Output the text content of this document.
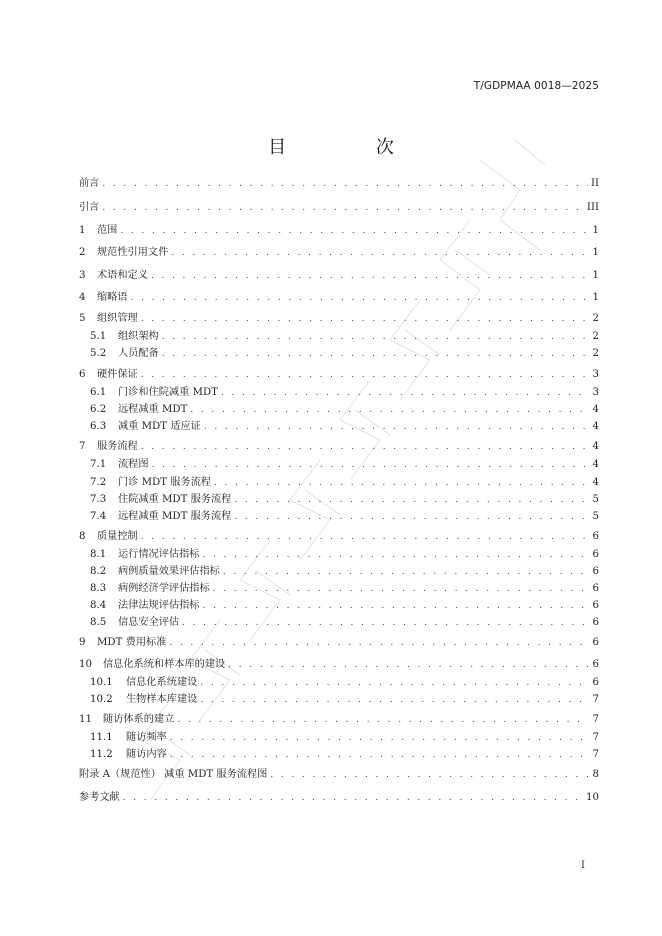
T/GDPMAA 0018—2025
目 次
前言 . . .	II
引言 . . .	III
1	范围 . . .	1
2	规范性引用文件 . . .	1
3	术语和定义 . . .	1
4	缩略语 . . .	1
5	组织管理 . . .	2
5.1	组织架构 . . .	2
5.2	人员配备 . . .	2
6	硬件保证 . . .	3
6.1	门诊和住院减重 MDT . . .	3
6.2	远程减重 MDT . . .	4
6.3	减重 MDT 适应证 . . .	4
7	服务流程 . . .	4
7.1	流程图 . . .	4
7.2	门诊 MDT 服务流程 . . .	4
7.3	住院减重 MDT 服务流程 . . .	5
7.4	远程减重 MDT 服务流程 . . .	5
8	质量控制 . . .	6
8.1	运行情况评估指标 . . .	6
8.2	病例质量效果评估指标 . . .	6
8.3	病例经济学评估指标 . . .	6
8.4	法律法规评估指标 . . .	6
8.5	信息安全评估 . . .	6
9	MDT 费用标准 . . .	6
10	信息化系统和样本库的建设 . . .	6
10.1	信息化系统建设 . . .	6
10.2	生物样本库建设 . . .	7
11	随访体系的建立 . . .	7
11.1	随访频率 . . .	7
11.2	随访内容 . . .	7
附录 A（规范性） 减重 MDT 服务流程图 . . .	8
参考文献 . . .	10
I
